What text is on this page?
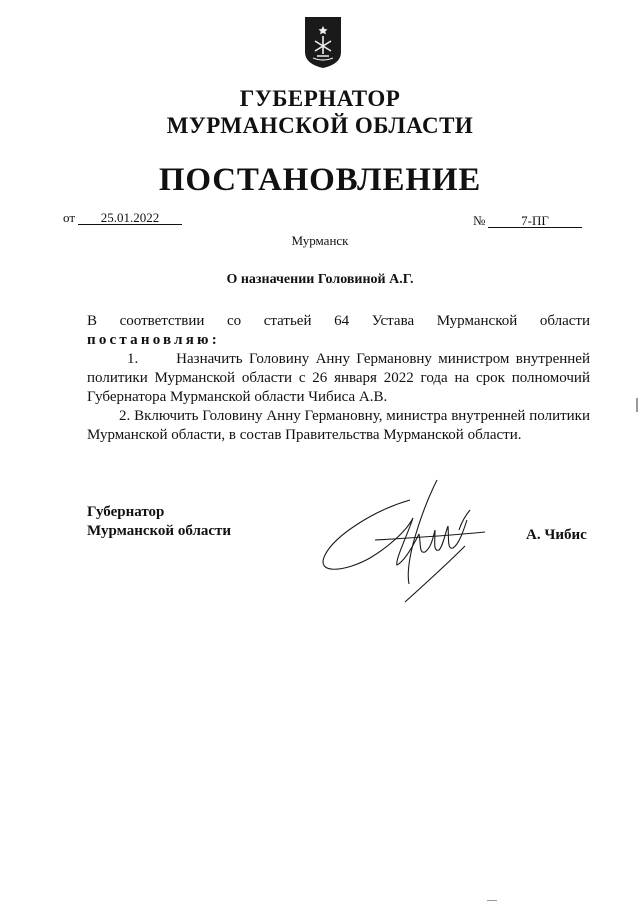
ГУБЕРНАТОР
МУРМАНСКОЙ ОБЛАСТИ
ПОСТАНОВЛЕНИЕ
от	25.01.2022	№	7-ПГ
Мурманск
О назначении Головиной А.Г.

В соответствии со статьей 64 Устава Мурманской области

постановляю:

1.      Назначить Головину Анну Германовну министром внутренней

политики Мурманской области с 26 января 2022 года на срок полномочий Губернатора Мурманской области Чибиса А.В.

2. Включить Головину Анну Германовну, министра внутренней политики Мурманской области, в состав Правительства Мурманской области.

Губернатор
Мурманской области	А. Чибис
